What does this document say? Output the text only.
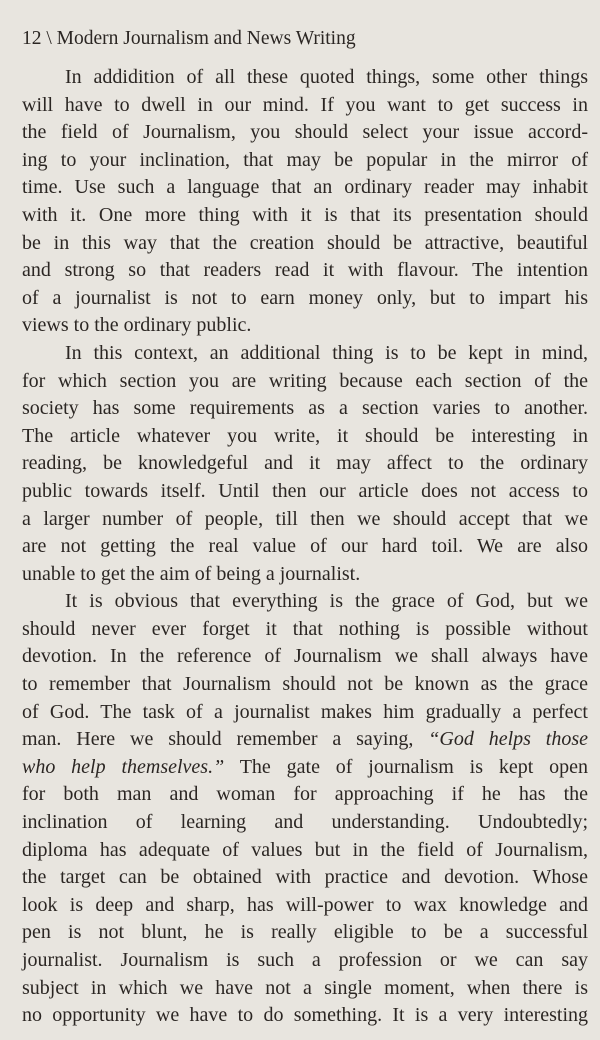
12 \ Modern Journalism and News Writing
In addidition of all these quoted things, some other things
will have to dwell in our mind. If you want to get success in
the field of Journalism, you should select your issue accord-
ing to your inclination, that may be popular in the mirror of
time. Use such a language that an ordinary reader may inhabit
with it. One more thing with it is that its presentation should
be in this way that the creation should be attractive, beautiful
and strong so that readers read it with flavour. The intention
of a journalist is not to earn money only, but to impart his
views to the ordinary public.
In this context, an additional thing is to be kept in mind,
for which section you are writing because each section of the
society has some requirements as a section varies to another.
The article whatever you write, it should be interesting in
reading, be knowledgeful and it may affect to the ordinary
public towards itself. Until then our article does not access to
a larger number of people, till then we should accept that we
are not getting the real value of our hard toil. We are also
unable to get the aim of being a journalist.
It is obvious that everything is the grace of God, but we
should never ever forget it that nothing is possible without
devotion. In the reference of Journalism we shall always have
to remember that Journalism should not be known as the grace
of God. The task of a journalist makes him gradually a perfect
man. Here we should remember a saying, “God helps those
who help themselves.” The gate of journalism is kept open
for both man and woman for approaching if he has the
inclination of learning and understanding. Undoubtedly;
diploma has adequate of values but in the field of Journalism,
the target can be obtained with practice and devotion. Whose
look is deep and sharp, has will-power to wax knowledge and
pen is not blunt, he is really eligible to be a successful
journalist. Journalism is such a profession or we can say
subject in which we have not a single moment, when there is
no opportunity we have to do something. It is a very interesting
